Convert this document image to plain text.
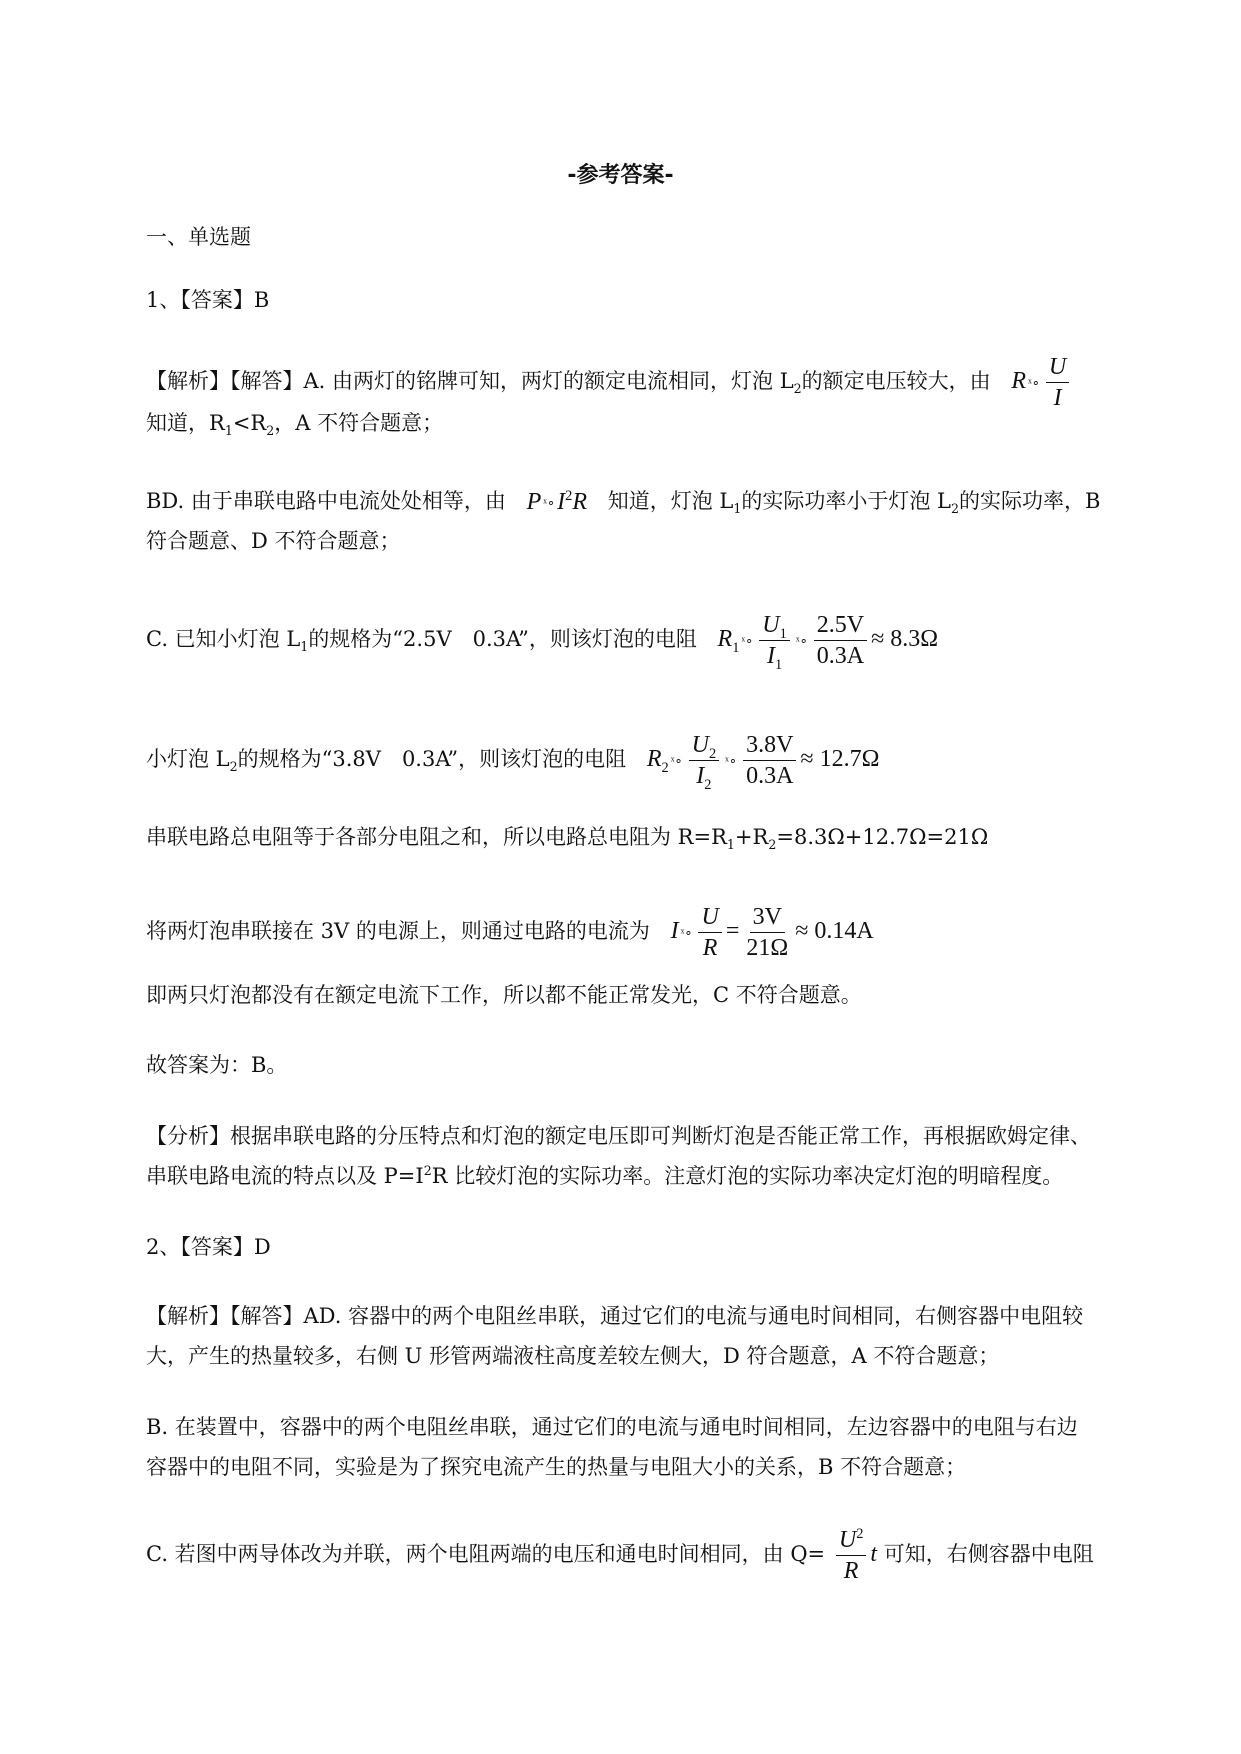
-参考答案-
一、单选题
1、【答案】B
【解析】【解答】A. 由两灯的铭牌可知，两灯的额定电流相同，灯泡 $L_2$的额定电压较大，由 R ˣ∘ $\frac{U}{I}$
知道，$R_1<R_2$，A 不符合题意；
BD. 由于串联电路中电流处处相等，由 P $ˣ\circ I^2R$ 知道，灯泡 $L_1$的实际功率小于灯泡 $L_2$的实际功率，B
符合题意、D 不符合题意；
C. 已知小灯泡 $L_1$的规格为“2.5V　0.3A”，则该灯泡的电阻 $R_1$ ˣ∘ $\frac{U_1}{I_1}$ ˣ∘ $\frac{2.5V}{0.3A} \approx 8.3\Omega$
小灯泡 $L_2$的规格为“3.8V　0.3A”，则该灯泡的电阻 $R_2$ ˣ∘ $\frac{U_2}{I_2}$ ˣ∘ $\frac{3.8V}{0.3A} \approx 12.7\Omega$
串联电路总电阻等于各部分电阻之和，所以电路总电阻为 $R=R_1+R_2=8.3\Omega+12.7\Omega=21\Omega$
将两灯泡串联接在 3V 的电源上，则通过电路的电流为 I ˣ∘ $\frac{U}{R} = \frac{3V}{21\Omega} \approx 0.14A$
即两只灯泡都没有在额定电流下工作，所以都不能正常发光，C 不符合题意。
故答案为：B。
【分析】根据串联电路的分压特点和灯泡的额定电压即可判断灯泡是否能正常工作，再根据欧姆定律、
串联电路电流的特点以及 $P=I^2R$ 比较灯泡的实际功率。注意灯泡的实际功率决定灯泡的明暗程度。
2、【答案】D
【解析】【解答】AD. 容器中的两个电阻丝串联，通过它们的电流与通电时间相同，右侧容器中电阻较
大，产生的热量较多，右侧 U 形管两端液柱高度差较左侧大，D 符合题意，A 不符合题意；
B. 在装置中，容器中的两个电阻丝串联，通过它们的电流与通电时间相同，左边容器中的电阻与右边
容器中的电阻不同，实验是为了探究电流产生的热量与电阻大小的关系，B 不符合题意；
C. 若图中两导体改为并联，两个电阻两端的电压和通电时间相同，由 $Q= \frac{U^2}{R}$ t 可知，右侧容器中电阻
